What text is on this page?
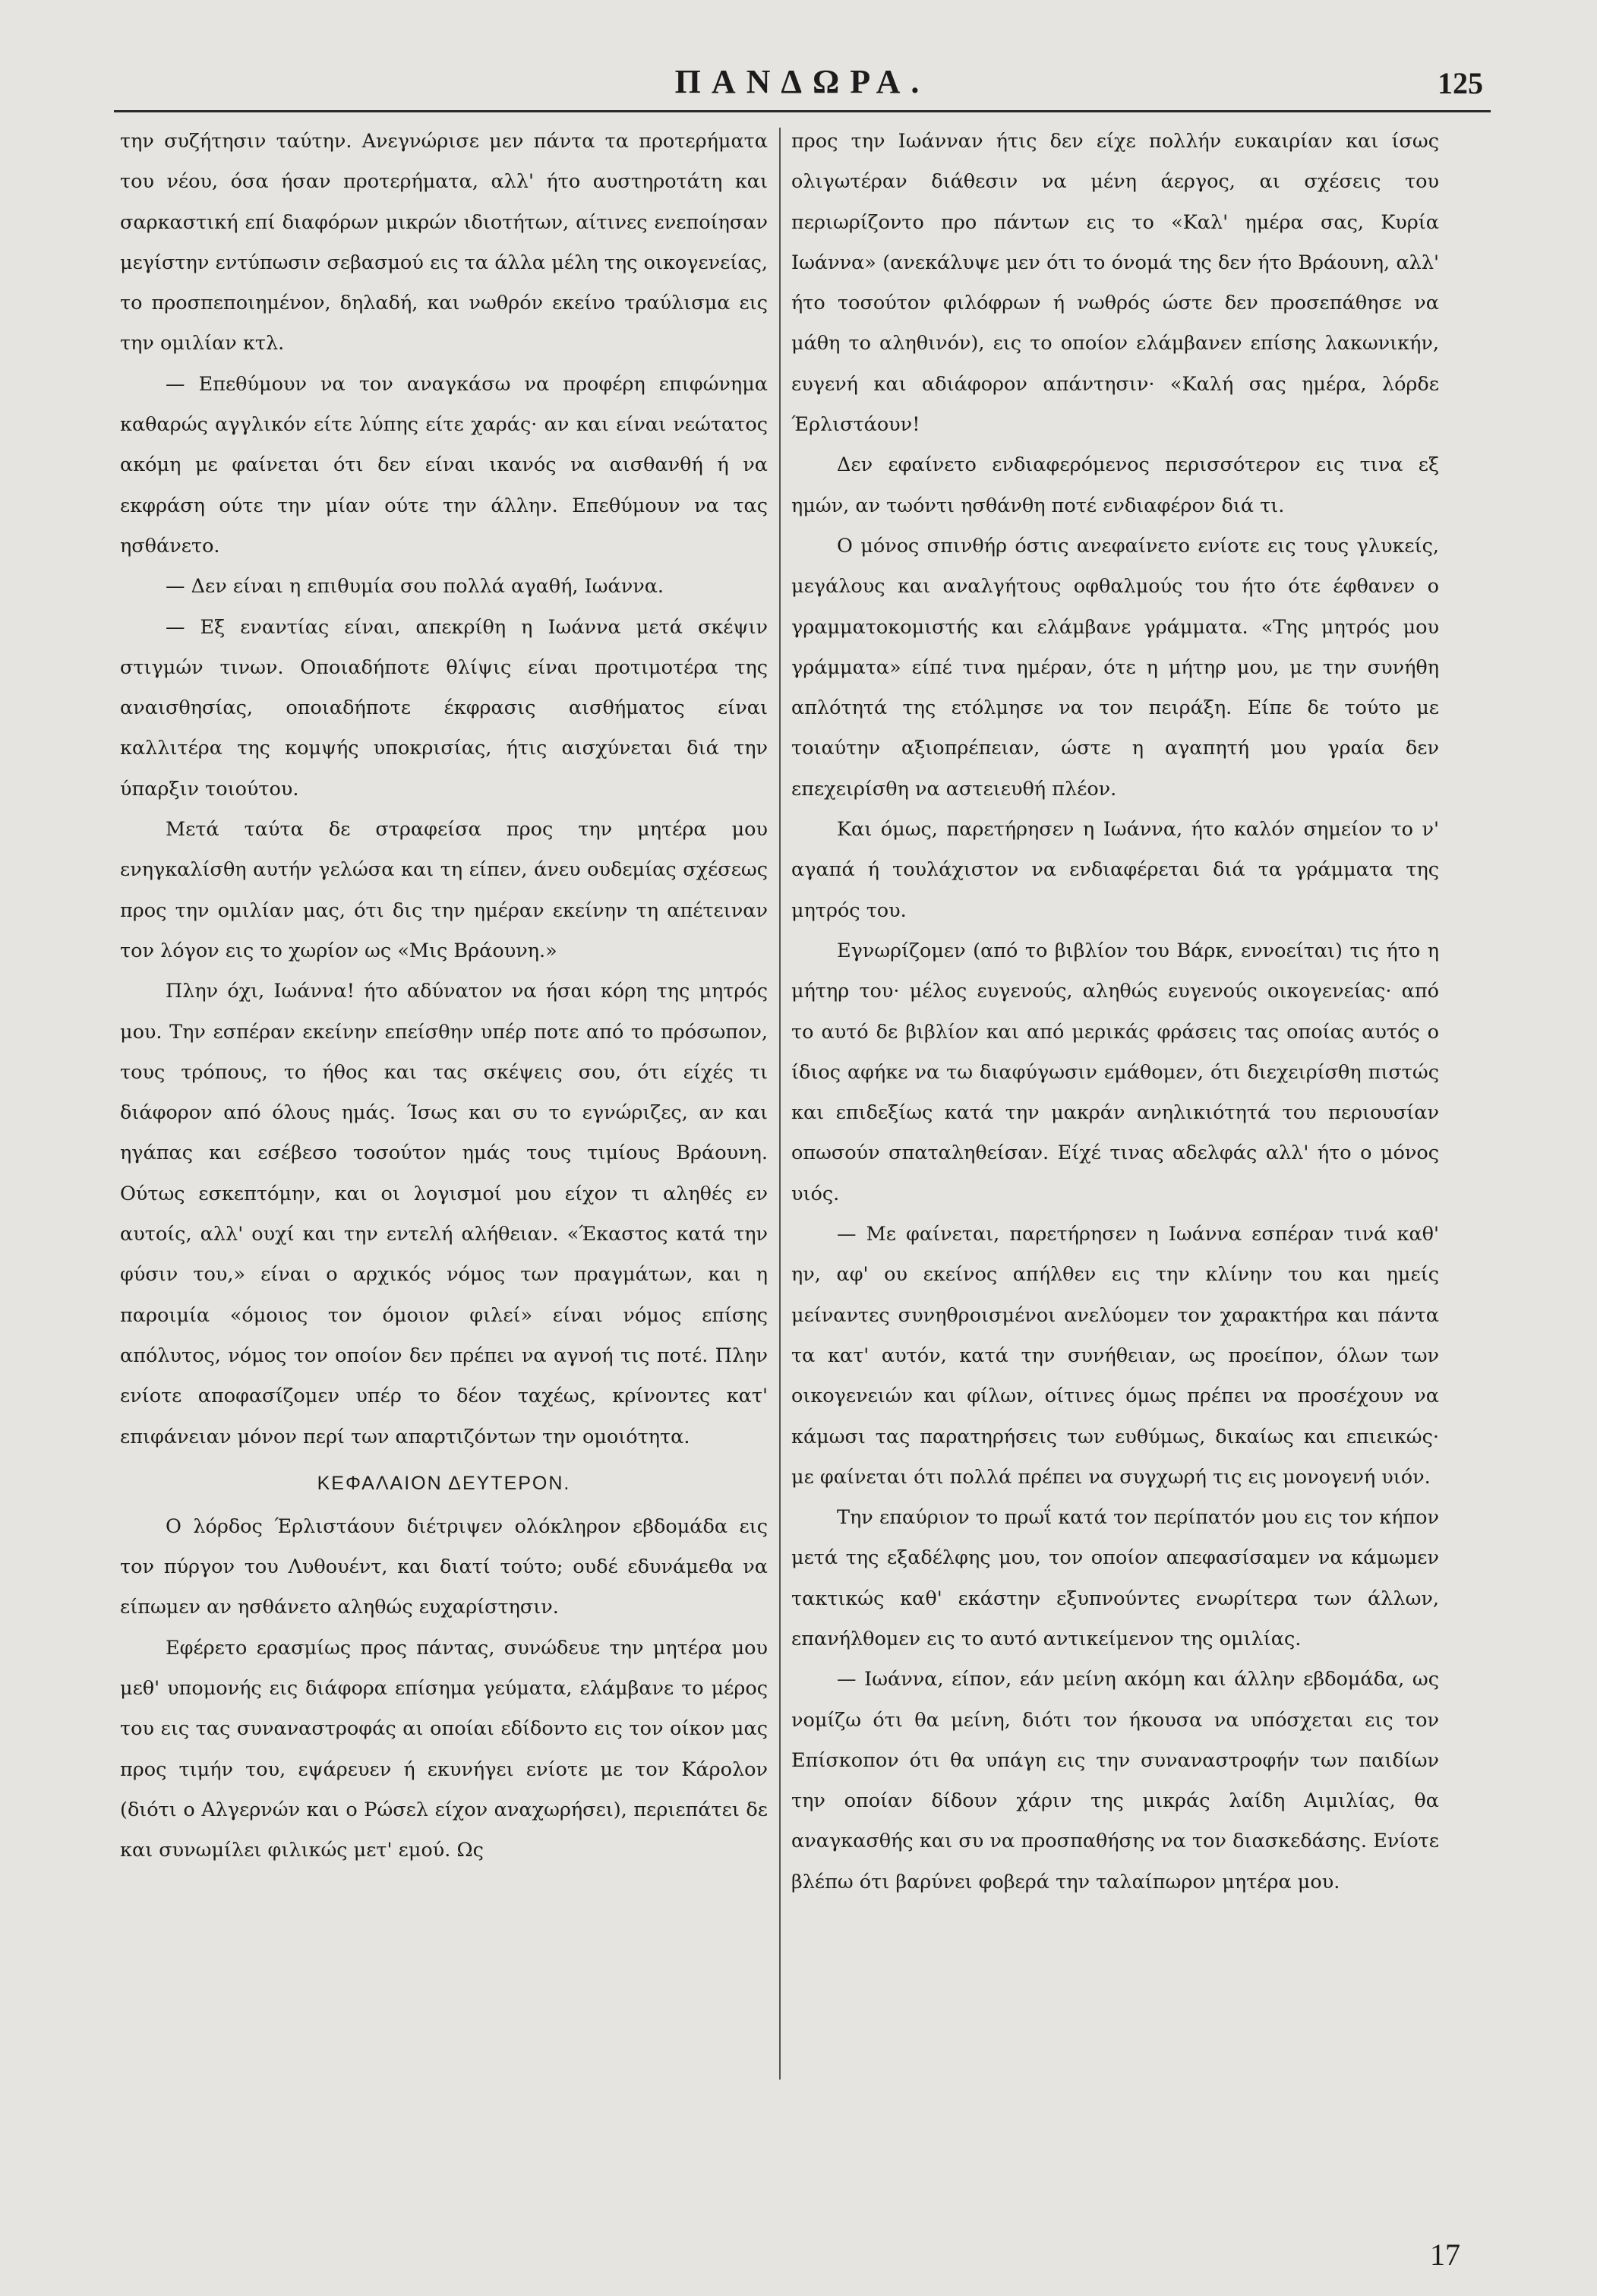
ΠΑΝΔΩΡΑ.	125

την συζήτησιν ταύτην. Ανεγνώρισε μεν πάντα τα προτερήματα του νέου, όσα ήσαν προτερήματα, αλλ' ήτο αυστηροτάτη και σαρκαστική επί διαφόρων μικρών ιδιοτήτων, αίτινες ενεποίησαν μεγίστην εντύπωσιν σεβασμού εις τα άλλα μέλη της οικογενείας, το προσπεποιημένον, δηλαδή, και νωθρόν εκείνο τραύλισμα εις την ομιλίαν κτλ.

— Επεθύμουν να τον αναγκάσω να προφέρη επιφώνημα καθαρώς αγγλικόν είτε λύπης είτε χαράς· αν και είναι νεώτατος ακόμη με φαίνεται ότι δεν είναι ικανός να αισθανθή ή να εκφράση ούτε την μίαν ούτε την άλλην. Επεθύμουν να τας ησθάνετο.

— Δεν είναι η επιθυμία σου πολλά αγαθή, Ιωάννα.

— Εξ εναντίας είναι, απεκρίθη η Ιωάννα μετά σκέψιν στιγμών τινων. Οποιαδήποτε θλίψις είναι προτιμοτέρα της αναισθησίας, οποιαδήποτε έκφρασις αισθήματος είναι καλλιτέρα της κομψής υποκρισίας, ήτις αισχύνεται διά την ύπαρξιν τοιούτου.

Μετά ταύτα δε στραφείσα προς την μητέρα μου ενηγκαλίσθη αυτήν γελώσα και τη είπεν, άνευ ουδεμίας σχέσεως προς την ομιλίαν μας, ότι δις την ημέραν εκείνην τη απέτειναν τον λόγον εις το χωρίον ως «Μις Βράουνη.»

Πλην όχι, Ιωάννα! ήτο αδύνατον να ήσαι κόρη της μητρός μου. Την εσπέραν εκείνην επείσθην υπέρ ποτε από το πρόσωπον, τους τρόπους, το ήθος και τας σκέψεις σου, ότι είχές τι διάφορον από όλους ημάς. Ίσως και συ το εγνώριζες, αν και ηγάπας και εσέβεσο τοσούτον ημάς τους τιμίους Βράουνη. Ούτως εσκεπτόμην, και οι λογισμοί μου είχον τι αληθές εν αυτοίς, αλλ' ουχί και την εντελή αλήθειαν. «Έκαστος κατά την φύσιν του,» είναι ο αρχικός νόμος των πραγμάτων, και η παροιμία «όμοιος τον όμοιον φιλεί» είναι νόμος επίσης απόλυτος, νόμος τον οποίον δεν πρέπει να αγνοή τις ποτέ. Πλην ενίοτε αποφασίζομεν υπέρ το δέον ταχέως, κρίνοντες κατ' επιφάνειαν μόνον περί των απαρτιζόντων την ομοιότητα.

ΚΕΦΑΛΑΙΟΝ ΔΕΥΤΕΡΟΝ.

Ο λόρδος Έρλιστάουν διέτριψεν ολόκληρον εβδομάδα εις τον πύργον του Λυθουέντ, και διατί τούτο; ουδέ εδυνάμεθα να είπωμεν αν ησθάνετο αληθώς ευχαρίστησιν.

Εφέρετο ερασμίως προς πάντας, συνώδευε την μητέρα μου μεθ' υπομονής εις διάφορα επίσημα γεύματα, ελάμβανε το μέρος του εις τας συναναστροφάς αι οποίαι εδίδοντο εις τον οίκον μας προς τιμήν του, εψάρευεν ή εκυνήγει ενίοτε με τον Κάρολον (διότι ο Αλγερνών και ο Ρώσελ είχον αναχωρήσει), περιεπάτει δε και συνωμίλει φιλικώς μετ' εμού. Ως

προς την Ιωάνναν ήτις δεν είχε πολλήν ευκαιρίαν και ίσως ολιγωτέραν διάθεσιν να μένη άεργος, αι σχέσεις του περιωρίζοντο προ πάντων εις το «Καλ' ημέρα σας, Κυρία Ιωάννα» (ανεκάλυψε μεν ότι το όνομά της δεν ήτο Βράουνη, αλλ' ήτο τοσούτον φιλόφρων ή νωθρός ώστε δεν προσεπάθησε να μάθη το αληθινόν), εις το οποίον ελάμβανεν επίσης λακωνικήν, ευγενή και αδιάφορον απάντησιν· «Καλή σας ημέρα, λόρδε Έρλιστάουν!

Δεν εφαίνετο ενδιαφερόμενος περισσότερον εις τινα εξ ημών, αν τωόντι ησθάνθη ποτέ ενδιαφέρον διά τι.

Ο μόνος σπινθήρ όστις ανεφαίνετο ενίοτε εις τους γλυκείς, μεγάλους και αναλγήτους οφθαλμούς του ήτο ότε έφθανεν ο γραμματοκομιστής και ελάμβανε γράμματα. «Της μητρός μου γράμματα» είπέ τινα ημέραν, ότε η μήτηρ μου, με την συνήθη απλότητά της ετόλμησε να τον πειράξη. Είπε δε τούτο με τοιαύτην αξιοπρέπειαν, ώστε η αγαπητή μου γραία δεν επεχειρίσθη να αστειευθή πλέον.

Και όμως, παρετήρησεν η Ιωάννα, ήτο καλόν σημείον το ν' αγαπά ή τουλάχιστον να ενδιαφέρεται διά τα γράμματα της μητρός του.

Εγνωρίζομεν (από το βιβλίον του Βάρκ, εννοείται) τις ήτο η μήτηρ του· μέλος ευγενούς, αληθώς ευγενούς οικογενείας· από το αυτό δε βιβλίον και από μερικάς φράσεις τας οποίας αυτός ο ίδιος αφήκε να τω διαφύγωσιν εμάθομεν, ότι διεχειρίσθη πιστώς και επιδεξίως κατά την μακράν ανηλικιότητά του περιουσίαν οπωσούν σπαταληθείσαν. Είχέ τινας αδελφάς αλλ' ήτο ο μόνος υιός.

— Με φαίνεται, παρετήρησεν η Ιωάννα εσπέραν τινά καθ' ην, αφ' ου εκείνος απήλθεν εις την κλίνην του και ημείς μείναντες συνηθροισμένοι ανελύομεν τον χαρακτήρα και πάντα τα κατ' αυτόν, κατά την συνήθειαν, ως προείπον, όλων των οικογενειών και φίλων, οίτινες όμως πρέπει να προσέχουν να κάμωσι τας παρατηρήσεις των ευθύμως, δικαίως και επιεικώς· με φαίνεται ότι πολλά πρέπει να συγχωρή τις εις μονογενή υιόν.

Την επαύριον το πρωΐ κατά τον περίπατόν μου εις τον κήπον μετά της εξαδέλφης μου, τον οποίον απεφασίσαμεν να κάμωμεν τακτικώς καθ' εκάστην εξυπνούντες ενωρίτερα των άλλων, επανήλθομεν εις το αυτό αντικείμενον της ομιλίας.

— Ιωάννα, είπον, εάν μείνη ακόμη και άλλην εβδομάδα, ως νομίζω ότι θα μείνη, διότι τον ήκουσα να υπόσχεται εις τον Επίσκοπον ότι θα υπάγη εις την συναναστροφήν των παιδίων την οποίαν δίδουν χάριν της μικράς λαίδη Αιμιλίας, θα αναγκασθής και συ να προσπαθήσης να τον διασκεδάσης. Ενίοτε βλέπω ότι βαρύνει φοβερά την ταλαίπωρον μητέρα μου.

17
